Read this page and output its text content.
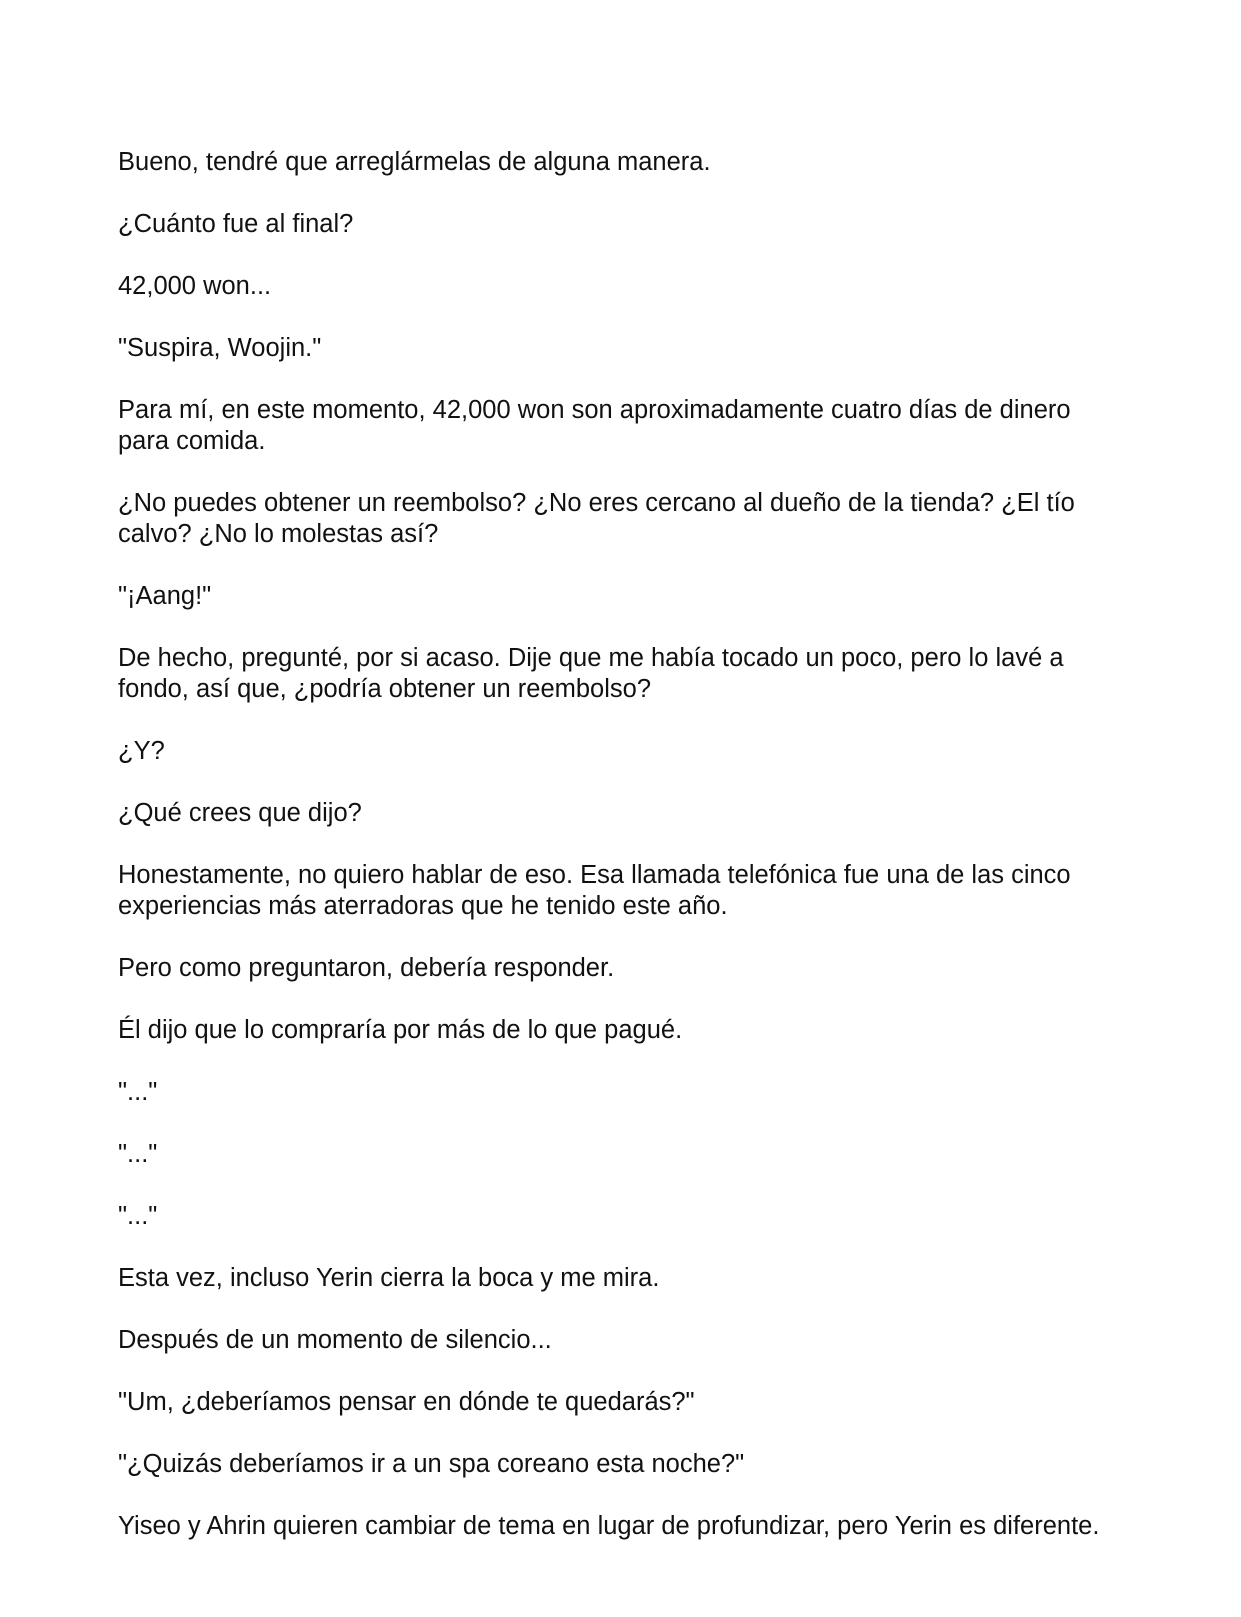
Bueno, tendré que arreglármelas de alguna manera.

¿Cuánto fue al final?

42,000 won...

"Suspira, Woojin."

Para mí, en este momento, 42,000 won son aproximadamente cuatro días de dinero para comida.

¿No puedes obtener un reembolso? ¿No eres cercano al dueño de la tienda? ¿El tío calvo? ¿No lo molestas así?

"¡Aang!"

De hecho, pregunté, por si acaso. Dije que me había tocado un poco, pero lo lavé a fondo, así que, ¿podría obtener un reembolso?

¿Y?

¿Qué crees que dijo?

Honestamente, no quiero hablar de eso. Esa llamada telefónica fue una de las cinco experiencias más aterradoras que he tenido este año.

Pero como preguntaron, debería responder.

Él dijo que lo compraría por más de lo que pagué.

"..."

"..."

"..."

Esta vez, incluso Yerin cierra la boca y me mira.

Después de un momento de silencio...

"Um, ¿deberíamos pensar en dónde te quedarás?"

"¿Quizás deberíamos ir a un spa coreano esta noche?"

Yiseo y Ahrin quieren cambiar de tema en lugar de profundizar, pero Yerin es diferente.
